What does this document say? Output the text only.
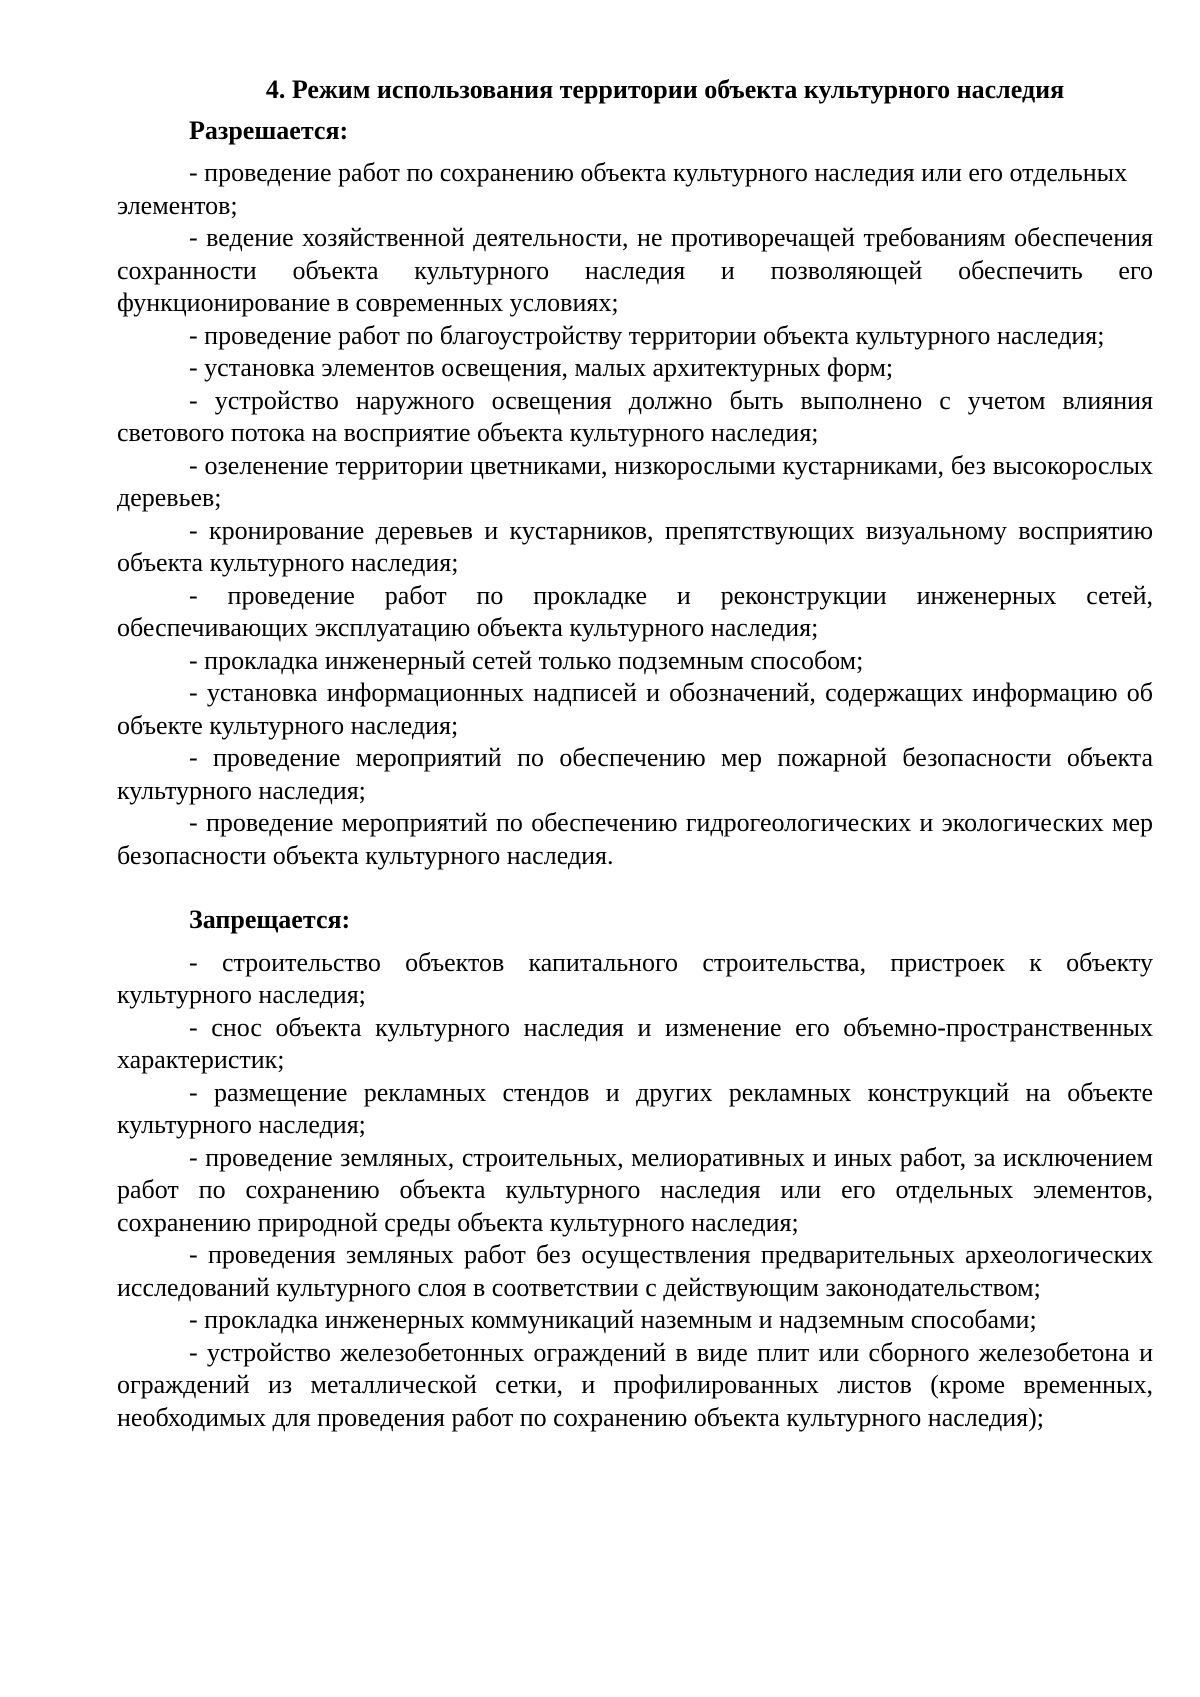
4. Режим использования территории объекта культурного наследия
Разрешается:

- проведение работ по сохранению объекта культурного наследия или его отдельных

элементов;

- ведение хозяйственной деятельности, не противоречащей требованиям обеспечения сохранности объекта культурного наследия и позволяющей обеспечить его функционирование в современных условиях;

- проведение работ по благоустройству территории объекта культурного наследия;

- установка элементов освещения, малых архитектурных форм;

- устройство наружного освещения должно быть выполнено с учетом влияния светового потока на восприятие объекта культурного наследия;

- озеленение территории цветниками, низкорослыми кустарниками, без высокорослых деревьев;

- кронирование деревьев и кустарников, препятствующих визуальному восприятию объекта культурного наследия;

- проведение работ по прокладке и реконструкции инженерных сетей, обеспечивающих эксплуатацию объекта культурного наследия;

- прокладка инженерный сетей только подземным способом;

- установка информационных надписей и обозначений, содержащих информацию об объекте культурного наследия;

- проведение мероприятий по обеспечению мер пожарной безопасности объекта культурного наследия;

- проведение мероприятий по обеспечению гидрогеологических и экологических мер безопасности объекта культурного наследия.

Запрещается:

- строительство объектов капитального строительства, пристроек к объекту культурного наследия;

- снос объекта культурного наследия и изменение его объемно-пространственных характеристик;

- размещение рекламных стендов и других рекламных конструкций на объекте культурного наследия;

- проведение земляных, строительных, мелиоративных и иных работ, за исключением работ по сохранению объекта культурного наследия или его отдельных элементов, сохранению природной среды объекта культурного наследия;

- проведения земляных работ без осуществления предварительных археологических исследований культурного слоя в соответствии с действующим законодательством;

- прокладка инженерных коммуникаций наземным и надземным способами;

- устройство железобетонных ограждений в виде плит или сборного железобетона и ограждений из металлической сетки, и профилированных листов (кроме временных, необходимых для проведения работ по сохранению объекта культурного наследия);
